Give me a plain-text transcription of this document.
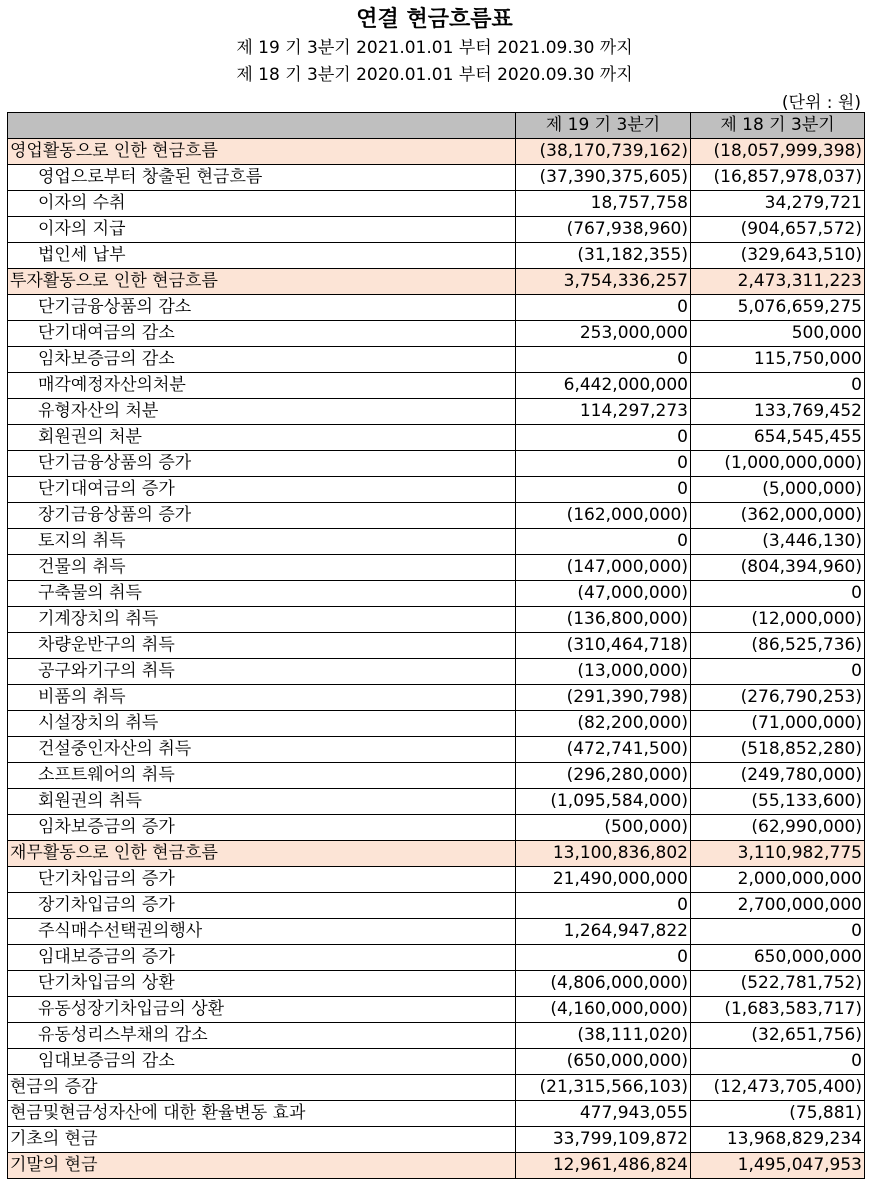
연결 현금흐름표
제 19 기 3분기 2021.01.01 부터 2021.09.30 까지
제 18 기 3분기 2020.01.01 부터 2020.09.30 까지
(단위 : 원)
	제 19 기 3분기	제 18 기 3분기
영업활동으로 인한 현금흐름	(38,170,739,162)	(18,057,999,398)
영업으로부터 창출된 현금흐름	(37,390,375,605)	(16,857,978,037)
이자의 수취	18,757,758	34,279,721
이자의 지급	(767,938,960)	(904,657,572)
법인세 납부	(31,182,355)	(329,643,510)
투자활동으로 인한 현금흐름	3,754,336,257	2,473,311,223
단기금융상품의 감소	0	5,076,659,275
단기대여금의 감소	253,000,000	500,000
임차보증금의 감소	0	115,750,000
매각예정자산의처분	6,442,000,000	0
유형자산의 처분	114,297,273	133,769,452
회원권의 처분	0	654,545,455
단기금융상품의 증가	0	(1,000,000,000)
단기대여금의 증가	0	(5,000,000)
장기금융상품의 증가	(162,000,000)	(362,000,000)
토지의 취득	0	(3,446,130)
건물의 취득	(147,000,000)	(804,394,960)
구축물의 취득	(47,000,000)	0
기계장치의 취득	(136,800,000)	(12,000,000)
차량운반구의 취득	(310,464,718)	(86,525,736)
공구와기구의 취득	(13,000,000)	0
비품의 취득	(291,390,798)	(276,790,253)
시설장치의 취득	(82,200,000)	(71,000,000)
건설중인자산의 취득	(472,741,500)	(518,852,280)
소프트웨어의 취득	(296,280,000)	(249,780,000)
회원권의 취득	(1,095,584,000)	(55,133,600)
임차보증금의 증가	(500,000)	(62,990,000)
재무활동으로 인한 현금흐름	13,100,836,802	3,110,982,775
단기차입금의 증가	21,490,000,000	2,000,000,000
장기차입금의 증가	0	2,700,000,000
주식매수선택권의행사	1,264,947,822	0
임대보증금의 증가	0	650,000,000
단기차입금의 상환	(4,806,000,000)	(522,781,752)
유동성장기차입금의 상환	(4,160,000,000)	(1,683,583,717)
유동성리스부채의 감소	(38,111,020)	(32,651,756)
임대보증금의 감소	(650,000,000)	0
현금의 증감	(21,315,566,103)	(12,473,705,400)
현금및현금성자산에 대한 환율변동 효과	477,943,055	(75,881)
기초의 현금	33,799,109,872	13,968,829,234
기말의 현금	12,961,486,824	1,495,047,953
